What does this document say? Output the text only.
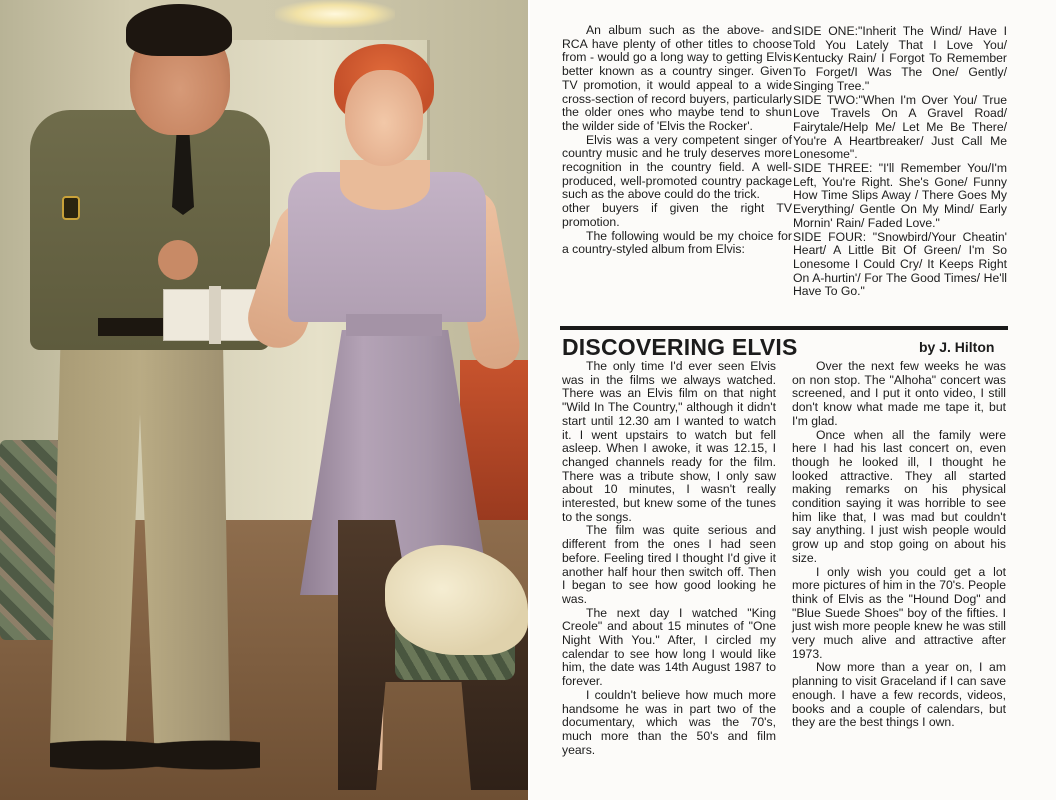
An album such as the above- and RCA have plenty of other titles to choose from - would go a long way to getting Elvis better known as a country singer. Given TV promotion, it would appeal to a wide cross-section of record buyers, particularly the older ones who maybe tend to shun the wilder side of 'Elvis the Rocker'.

Elvis was a very competent singer of country music and he truly deserves more recognition in the country field. A well-produced, well-promoted country package such as the above could do the trick.

other buyers if given the right TV promotion.

The following would be my choice for a country-styled album from Elvis:

SIDE ONE:"Inherit The Wind/ Have I Told You Lately That I Love You/ Kentucky Rain/ I Forgot To Remember To Forget/I Was The One/ Gently/ Singing Tree."

SIDE TWO:"When I'm Over You/ True Love Travels On A Gravel Road/ Fairytale/Help Me/ Let Me Be There/ You're A Heartbreaker/ Just Call Me Lonesome".

SIDE THREE: "I'll Remember You/I'm Left, You're Right. She's Gone/ Funny How Time Slips Away / There Goes My Everything/ Gentle On My Mind/ Early Mornin' Rain/ Faded Love."

SIDE FOUR: "Snowbird/Your Cheatin' Heart/ A Little Bit Of Green/ I'm So Lonesome I Could Cry/ It Keeps Right On A-hurtin'/ For The Good Times/ He'll Have To Go."

DISCOVERING ELVIS	by J. Hilton

The only time I'd ever seen Elvis was in the films we always watched. There was an Elvis film on that night "Wild In The Country," although it didn't start until 12.30 am I wanted to watch it. I went upstairs to watch but fell asleep. When I awoke, it was 12.15, I changed channels ready for the film. There was a tribute show, I only saw about 10 minutes, I wasn't really interested, but knew some of the tunes to the songs.

The film was quite serious and different from the ones I had seen before. Feeling tired I thought I'd give it another half hour then switch off. Then I began to see how good looking he was.

The next day I watched "King Creole" and about 15 minutes of "One Night With You." After, I circled my calendar to see how long I would like him, the date was 14th August 1987 to forever.

I couldn't believe how much more handsome he was in part two of the documentary, which was the 70's, much more than the 50's and film years.

Over the next few weeks he was on non stop. The "Alhoha" concert was screened, and I put it onto video, I still don't know what made me tape it, but I'm glad.

Once when all the family were here I had his last concert on, even though he looked ill, I thought he looked attractive. They all started making remarks on his physical condition saying it was horrible to see him like that, I was mad but couldn't say anything. I just wish people would grow up and stop going on about his size.

I only wish you could get a lot more pictures of him in the 70's. People think of Elvis as the "Hound Dog" and "Blue Suede Shoes" boy of the fifties. I just wish more people knew he was still very much alive and attractive after 1973.

Now more than a year on, I am planning to visit Graceland if I can save enough. I have a few records, videos, books and a couple of calendars, but they are the best things I own.
